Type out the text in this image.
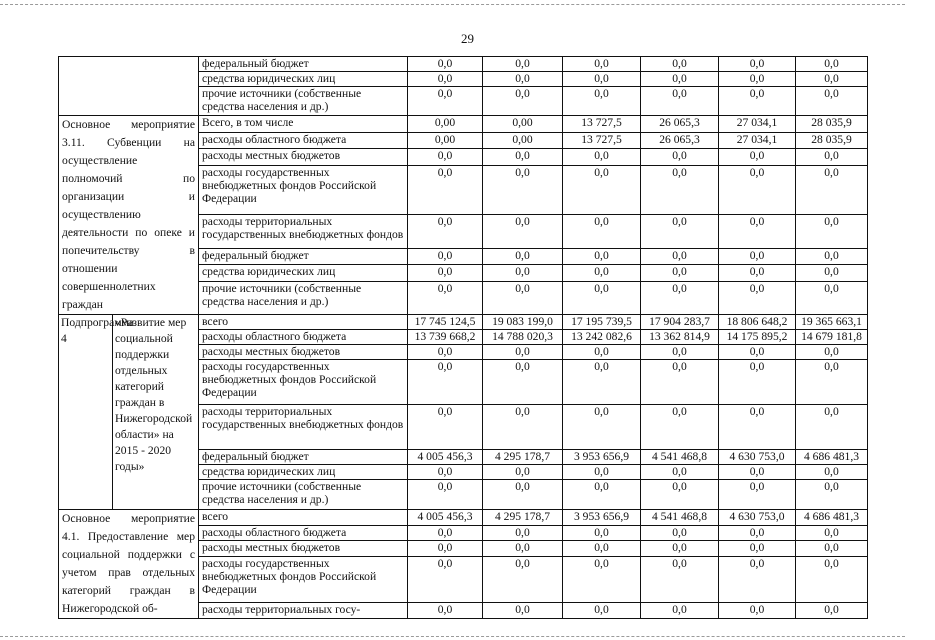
29
		федеральный бюджет	0,0	0,0	0,0	0,0	0,0	0,0
		средства юридических лиц	0,0	0,0	0,0	0,0	0,0	0,0
		прочие источники (собственные средства населения и др.)	0,0	0,0	0,0	0,0	0,0	0,0
Основное мероприятие 3.11. Субвенции на осуществление полномочий по организации и осуществлению деятельности по опеке и попечительству в отношении совершеннолетних граждан		Всего, в том числе	0,00	0,00	13 727,5	26 065,3	27 034,1	28 035,9
		расходы областного бюджета	0,00	0,00	13 727,5	26 065,3	27 034,1	28 035,9
		расходы местных бюджетов	0,0	0,0	0,0	0,0	0,0	0,0
		расходы государственных внебюджетных фондов Российской Федерации	0,0	0,0	0,0	0,0	0,0	0,0
		расходы территориальных государственных внебюджетных фондов	0,0	0,0	0,0	0,0	0,0	0,0
		федеральный бюджет	0,0	0,0	0,0	0,0	0,0	0,0
		средства юридических лиц	0,0	0,0	0,0	0,0	0,0	0,0
		прочие источники (собственные средства населения и др.)	0,0	0,0	0,0	0,0	0,0	0,0
Подпрограмма 4	«Развитие мер социальной поддержки отдельных категорий граждан в Нижегородской области» на 2015 - 2020 годы»	всего	17 745 124,5	19 083 199,0	17 195 739,5	17 904 283,7	18 806 648,2	19 365 663,1
		расходы областного бюджета	13 739 668,2	14 788 020,3	13 242 082,6	13 362 814,9	14 175 895,2	14 679 181,8
		расходы местных бюджетов	0,0	0,0	0,0	0,0	0,0	0,0
		расходы государственных внебюджетных фондов Российской Федерации	0,0	0,0	0,0	0,0	0,0	0,0
		расходы территориальных государственных внебюджетных фондов	0,0	0,0	0,0	0,0	0,0	0,0
		федеральный бюджет	4 005 456,3	4 295 178,7	3 953 656,9	4 541 468,8	4 630 753,0	4 686 481,3
		средства юридических лиц	0,0	0,0	0,0	0,0	0,0	0,0
		прочие источники (собственные средства населения и др.)	0,0	0,0	0,0	0,0	0,0	0,0
Основное мероприятие 4.1. Предоставление мер социальной поддержки с учетом прав отдельных категорий граждан в Нижегородской об-		всего	4 005 456,3	4 295 178,7	3 953 656,9	4 541 468,8	4 630 753,0	4 686 481,3
		расходы областного бюджета	0,0	0,0	0,0	0,0	0,0	0,0
		расходы местных бюджетов	0,0	0,0	0,0	0,0	0,0	0,0
		расходы государственных внебюджетных фондов Российской Федерации	0,0	0,0	0,0	0,0	0,0	0,0
		расходы территориальных госу-	0,0	0,0	0,0	0,0	0,0	0,0
